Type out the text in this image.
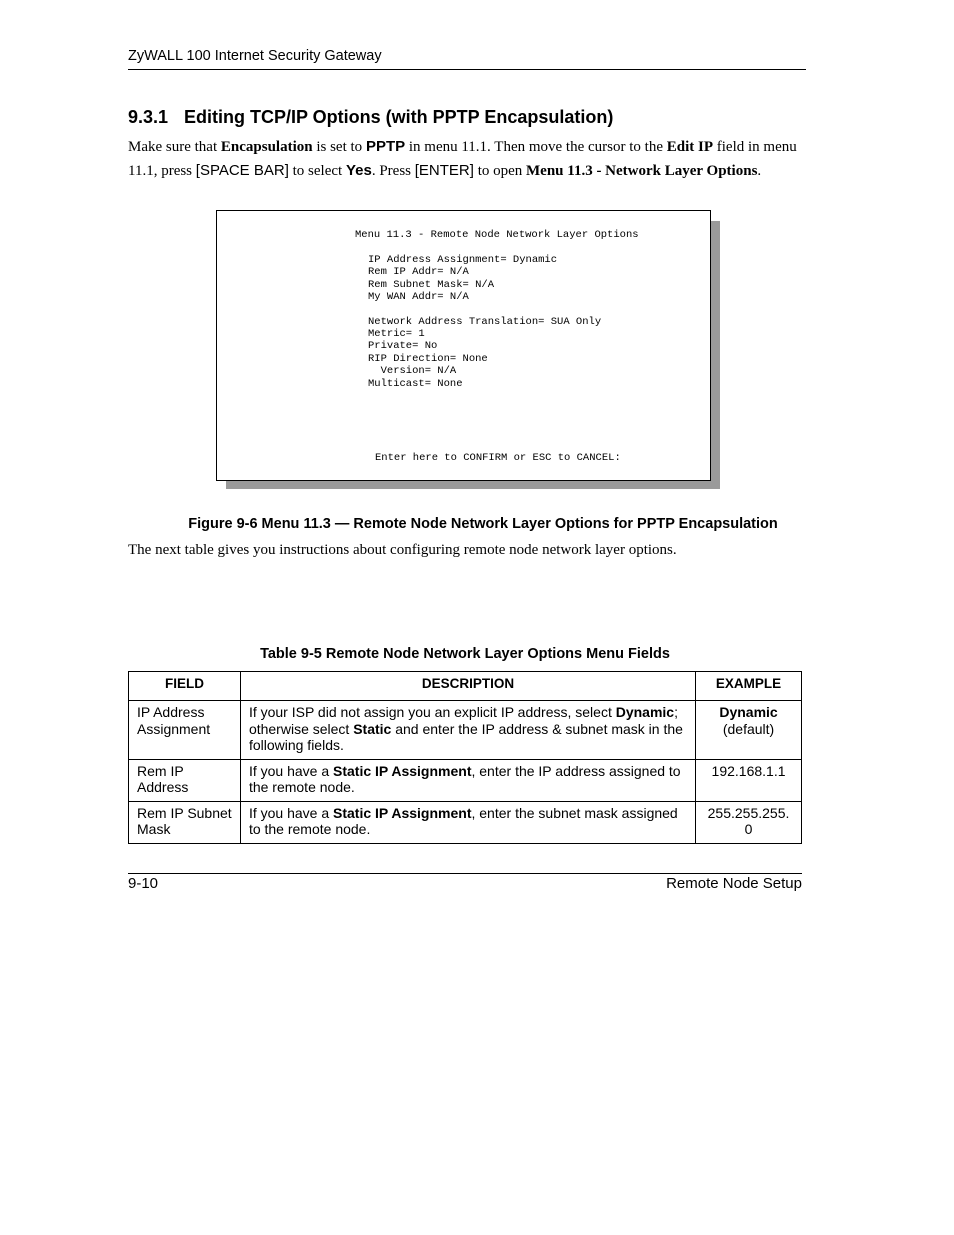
ZyWALL 100 Internet Security Gateway
9.3.1 Editing TCP/IP Options (with PPTP Encapsulation)
Make sure that Encapsulation is set to PPTP in menu 11.1. Then move the cursor to the Edit IP field in menu 11.1, press [SPACE BAR] to select Yes. Press [ENTER] to open Menu 11.3 - Network Layer Options.
Menu 11.3 - Remote Node Network Layer Options
IP Address Assignment= Dynamic
Rem IP Addr= N/A
Rem Subnet Mask= N/A
My WAN Addr= N/A
Network Address Translation= SUA Only
Metric= 1
Private= No
RIP Direction= None
Version= N/A
Multicast= None
Enter here to CONFIRM or ESC to CANCEL:
Figure 9-6 Menu 11.3 — Remote Node Network Layer Options for PPTP Encapsulation
The next table gives you instructions about configuring remote node network layer options.
Table 9-5 Remote Node Network Layer Options Menu Fields
FIELD	DESCRIPTION	EXAMPLE
IP Address Assignment	If your ISP did not assign you an explicit IP address, select Dynamic; otherwise select Static and enter the IP address & subnet mask in the following fields.	Dynamic
(default)
Rem IP Address	If you have a Static IP Assignment, enter the IP address assigned to the remote node.	192.168.1.1
Rem IP Subnet Mask	If you have a Static IP Assignment, enter the subnet mask assigned to the remote node.	255.255.255.0
9-10	Remote Node Setup
